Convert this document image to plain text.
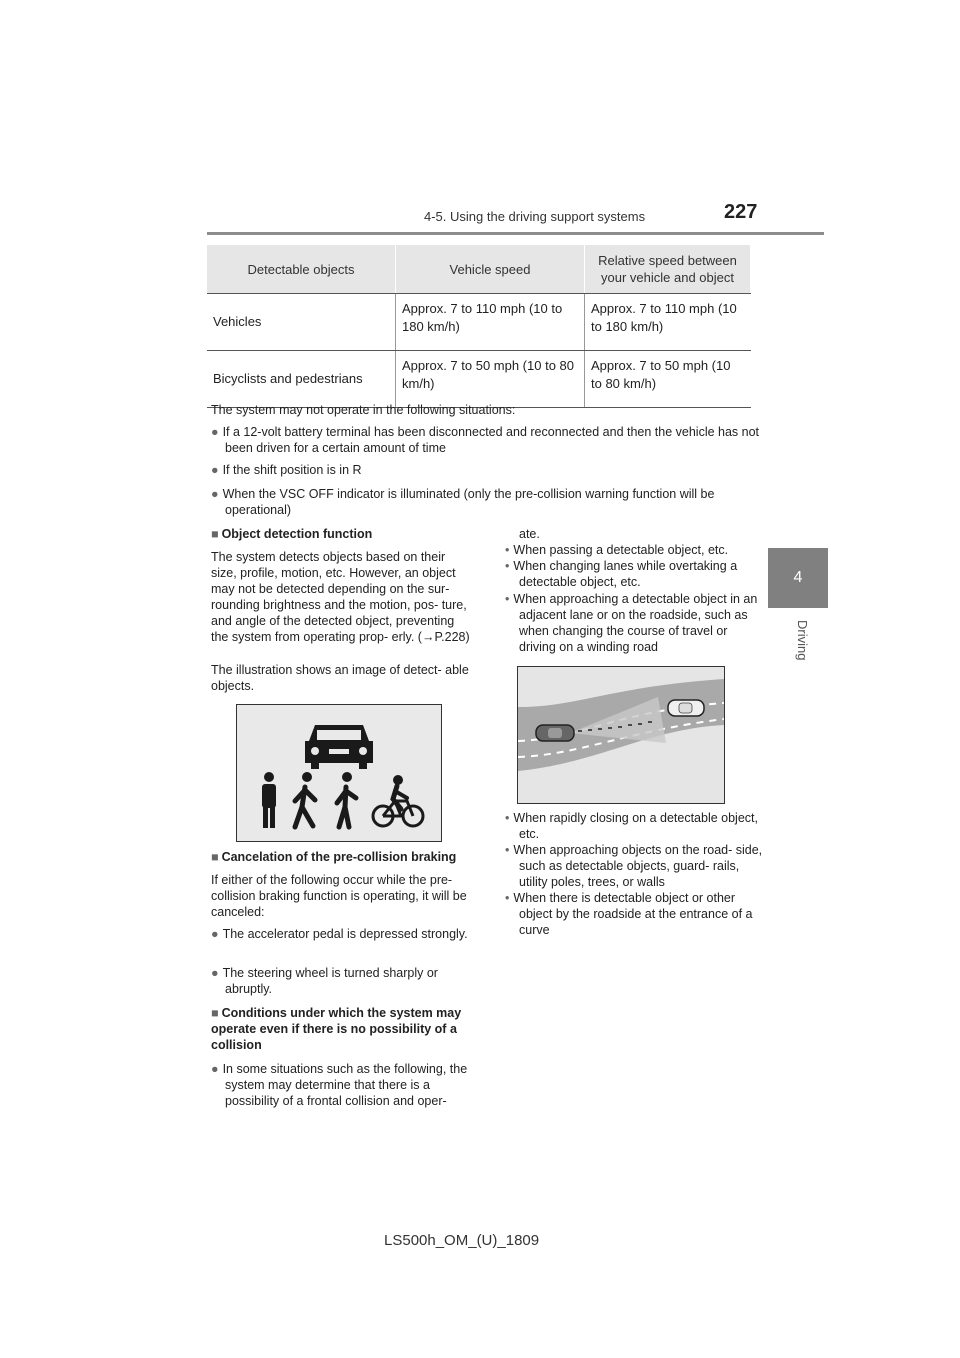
4-5. Using the driving support systems	227
4
Driving
Detectable objects	Vehicle speed	Relative speed between your vehicle and object
Vehicles	Approx. 7 to 110 mph (10 to 180 km/h)	Approx. 7 to 110 mph (10 to 180 km/h)
Bicyclists and pedestrians	Approx. 7 to 50 mph (10 to 80 km/h)	Approx. 7 to 50 mph (10 to 80 km/h)
The system may not operate in the following situations:
● If a 12-volt battery terminal has been disconnected and reconnected and then the vehicle has not been driven for a certain amount of time
● If the shift position is in R
● When the VSC OFF indicator is illuminated (only the pre-collision warning function will be operational)
■ Object detection function
The system detects objects based on their size, profile, motion, etc. However, an object may not be detected depending on the sur- rounding brightness and the motion, pos- ture, and angle of the detected object, preventing the system from operating prop- erly. (→P.228)
The illustration shows an image of detect- able objects.
■ Cancelation of the pre-collision braking
If either of the following occur while the pre-collision braking function is operating, it will be canceled:
● The accelerator pedal is depressed strongly.
● The steering wheel is turned sharply or abruptly.
■ Conditions under which the system may operate even if there is no possibility of a collision
● In some situations such as the following, the system may determine that there is a possibility of a frontal collision and oper-
ate.
• When passing a detectable object, etc.
• When changing lanes while overtaking a detectable object, etc.
• When approaching a detectable object in an adjacent lane or on the roadside, such as when changing the course of travel or driving on a winding road
• When rapidly closing on a detectable object, etc.
• When approaching objects on the road- side, such as detectable objects, guard- rails, utility poles, trees, or walls
• When there is detectable object or other object by the roadside at the entrance of a curve
LS500h_OM_(U)_1809
